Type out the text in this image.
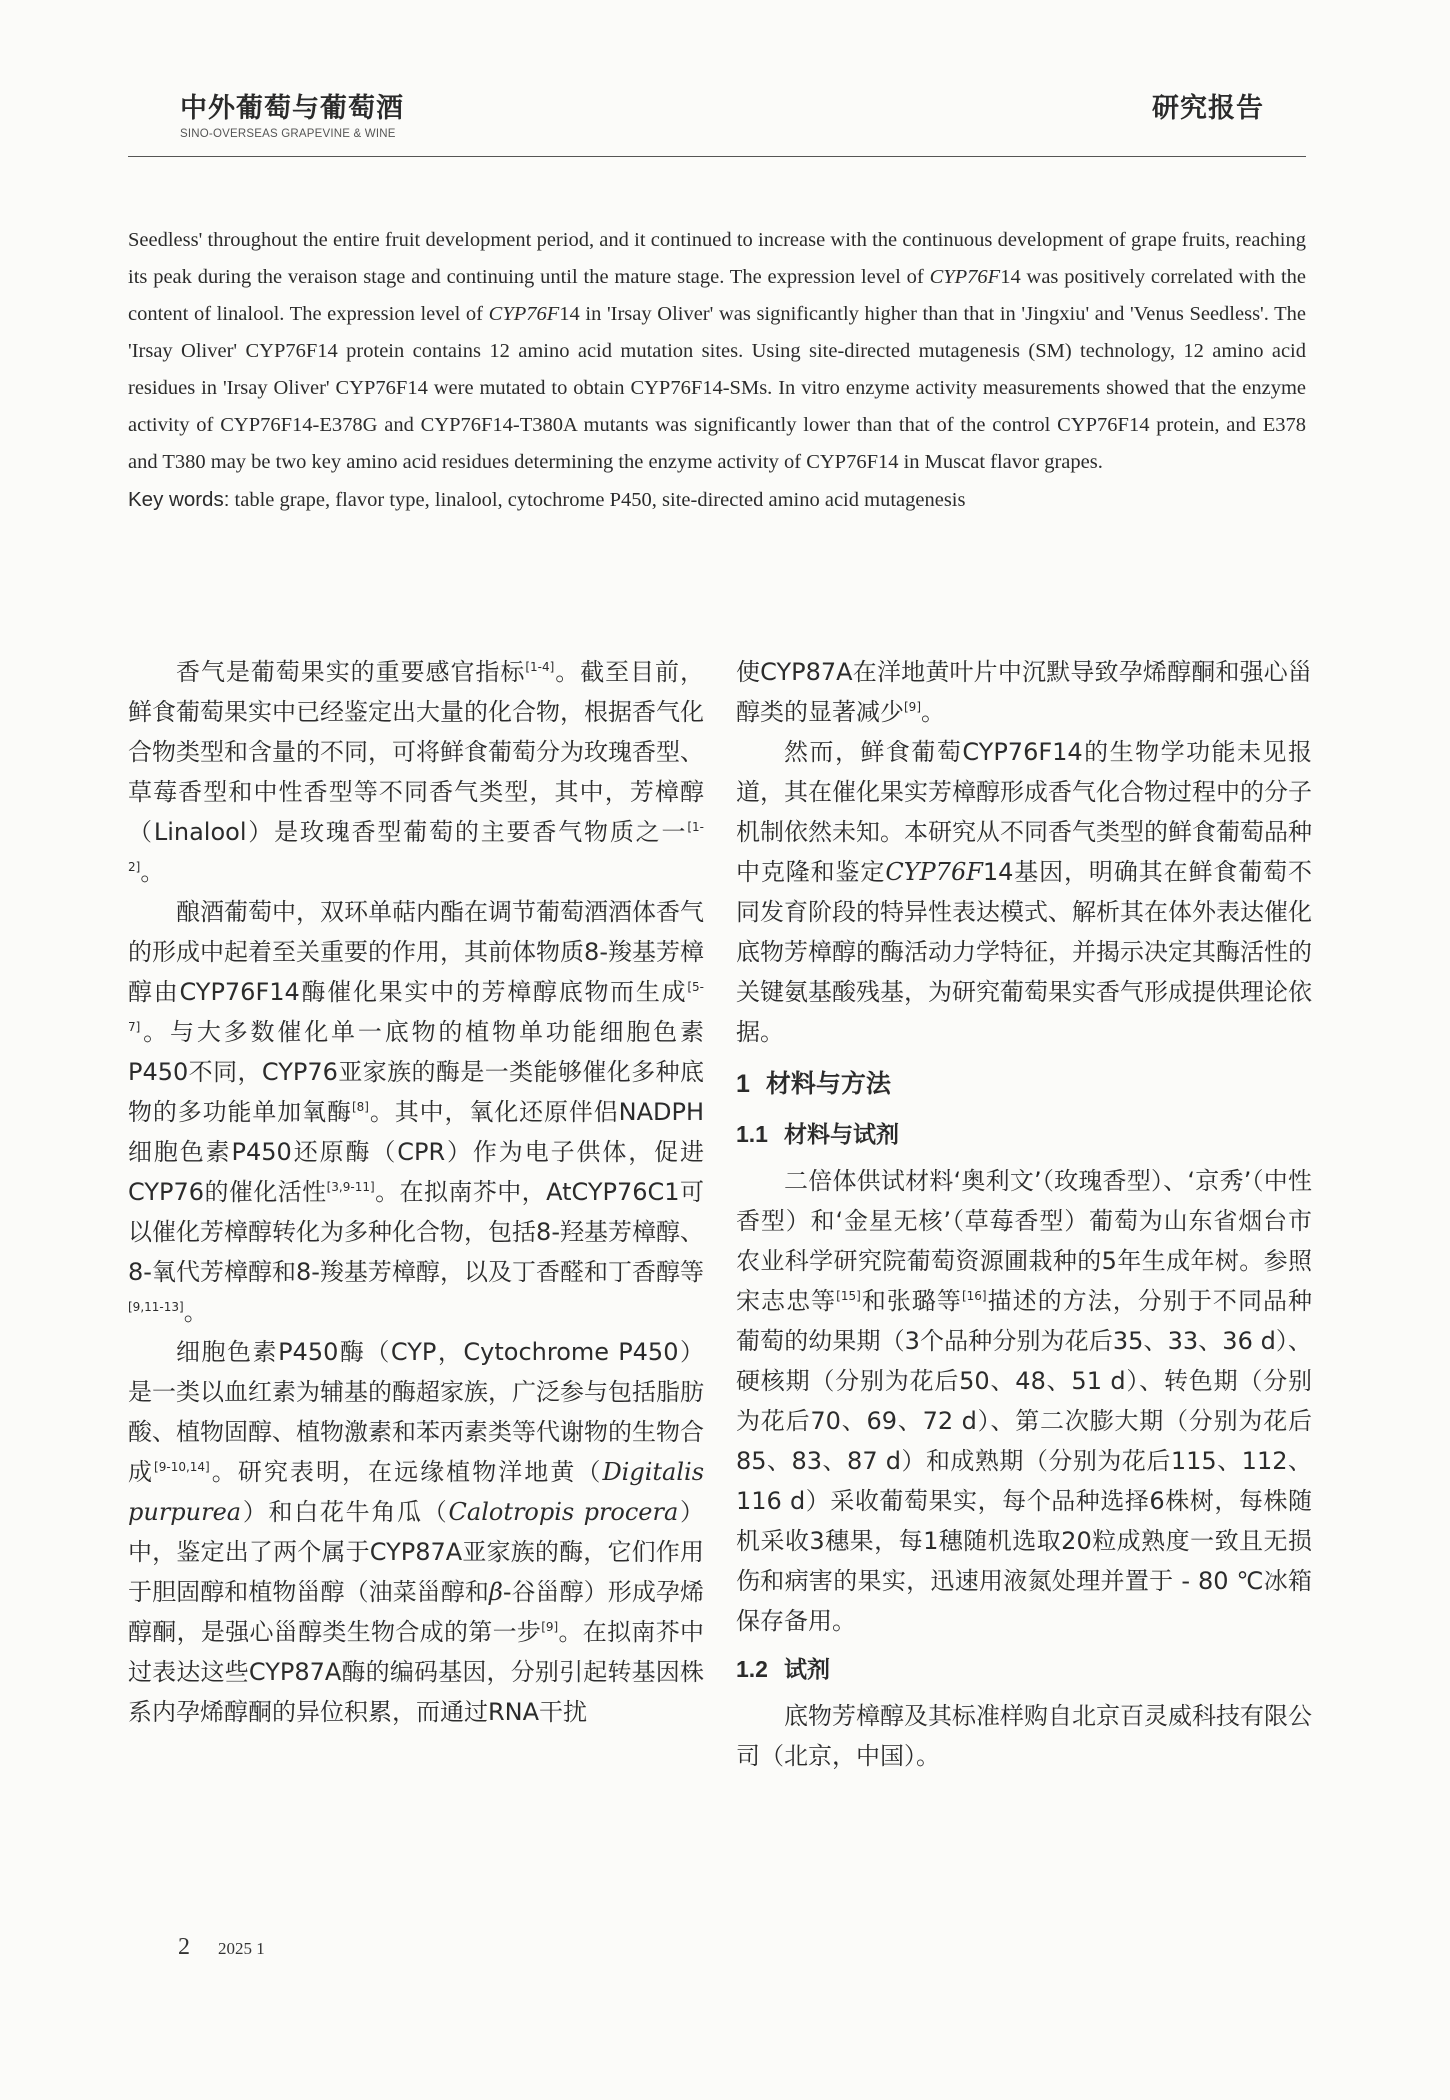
中外葡萄与葡萄酒
SINO-OVERSEAS GRAPEVINE & WINE
研究报告

Seedless' throughout the entire fruit development period, and it continued to increase with the continuous development of grape fruits, reaching its peak during the veraison stage and continuing until the mature stage. The expression level of CYP76F14 was positively correlated with the content of linalool. The expression level of CYP76F14 in 'Irsay Oliver' was significantly higher than that in 'Jingxiu' and 'Venus Seedless'. The 'Irsay Oliver' CYP76F14 protein contains 12 amino acid mutation sites. Using site-directed mutagenesis (SM) technology, 12 amino acid residues in 'Irsay Oliver' CYP76F14 were mutated to obtain CYP76F14-SMs. In vitro enzyme activity measurements showed that the enzyme activity of CYP76F14-E378G and CYP76F14-T380A mutants was significantly lower than that of the control CYP76F14 protein, and E378 and T380 may be two key amino acid residues determining the enzyme activity of CYP76F14 in Muscat flavor grapes.

Key words: table grape, flavor type, linalool, cytochrome P450, site-directed amino acid mutagenesis

香气是葡萄果实的重要感官指标[1-4]。截至目前，鲜食葡萄果实中已经鉴定出大量的化合物，根据香气化合物类型和含量的不同，可将鲜食葡萄分为玫瑰香型、草莓香型和中性香型等不同香气类型，其中，芳樟醇（Linalool）是玫瑰香型葡萄的主要香气物质之一[1-2]。

酿酒葡萄中，双环单萜内酯在调节葡萄酒酒体香气的形成中起着至关重要的作用，其前体物质8-羧基芳樟醇由CYP76F14酶催化果实中的芳樟醇底物而生成[5-7]。与大多数催化单一底物的植物单功能细胞色素P450不同，CYP76亚家族的酶是一类能够催化多种底物的多功能单加氧酶[8]。其中，氧化还原伴侣NADPH细胞色素P450还原酶（CPR）作为电子供体，促进CYP76的催化活性[3,9-11]。在拟南芥中，AtCYP76C1可以催化芳樟醇转化为多种化合物，包括8-羟基芳樟醇、8-氧代芳樟醇和8-羧基芳樟醇，以及丁香醛和丁香醇等[9,11-13]。

细胞色素P450酶（CYP，Cytochrome P450）是一类以血红素为辅基的酶超家族，广泛参与包括脂肪酸、植物固醇、植物激素和苯丙素类等代谢物的生物合成[9-10,14]。研究表明，在远缘植物洋地黄（Digitalis purpurea）和白花牛角瓜（Calotropis procera）中，鉴定出了两个属于CYP87A亚家族的酶，它们作用于胆固醇和植物甾醇（油菜甾醇和β-谷甾醇）形成孕烯醇酮，是强心甾醇类生物合成的第一步[9]。在拟南芥中过表达这些CYP87A酶的编码基因，分别引起转基因株系内孕烯醇酮的异位积累，而通过RNA干扰

使CYP87A在洋地黄叶片中沉默导致孕烯醇酮和强心甾醇类的显著减少[9]。

然而，鲜食葡萄CYP76F14的生物学功能未见报道，其在催化果实芳樟醇形成香气化合物过程中的分子机制依然未知。本研究从不同香气类型的鲜食葡萄品种中克隆和鉴定CYP76F14基因，明确其在鲜食葡萄不同发育阶段的特异性表达模式、解析其在体外表达催化底物芳樟醇的酶活动力学特征，并揭示决定其酶活性的关键氨基酸残基，为研究葡萄果实香气形成提供理论依据。

1 材料与方法
1.1 材料与试剂

二倍体供试材料‘奥利文’（玫瑰香型）、‘京秀’（中性香型）和‘金星无核’（草莓香型）葡萄为山东省烟台市农业科学研究院葡萄资源圃栽种的5年生成年树。参照宋志忠等[15]和张璐等[16]描述的方法，分别于不同品种葡萄的幼果期（3个品种分别为花后35、33、36 d）、硬核期（分别为花后50、48、51 d）、转色期（分别为花后70、69、72 d）、第二次膨大期（分别为花后85、83、87 d）和成熟期（分别为花后115、112、116 d）采收葡萄果实，每个品种选择6株树，每株随机采收3穗果，每1穗随机选取20粒成熟度一致且无损伤和病害的果实，迅速用液氮处理并置于 - 80 ℃冰箱保存备用。

1.2 试剂

底物芳樟醇及其标准样购自北京百灵威科技有限公司（北京，中国）。

2 2025 1
